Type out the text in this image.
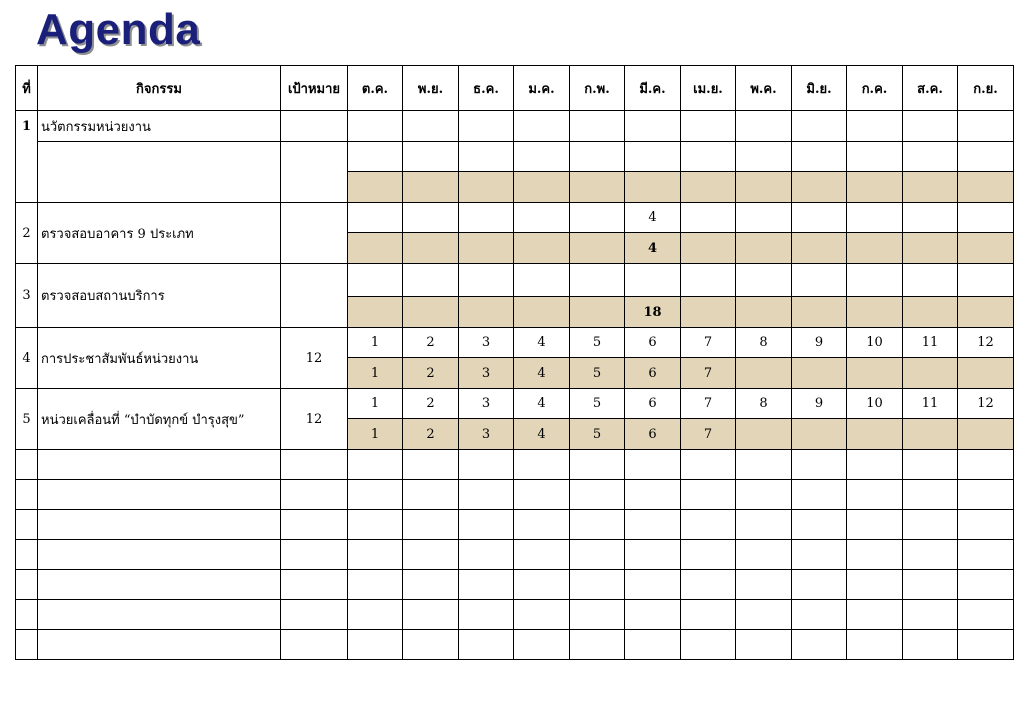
Agenda
ที่	กิจกรรม	เป้าหมาย	ต.ค.	พ.ย.	ธ.ค.	ม.ค.	ก.พ.	มี.ค.	เม.ย.	พ.ค.	มิ.ย.	ก.ค.	ส.ค.	ก.ย.
1	นวัตกรรมหน่วยงาน													

2	ตรวจสอบอาคาร 9 ประเภท							4						
								4						
3	ตรวจสอบสถานบริการ													
								18						
4	การประชาสัมพันธ์หน่วยงาน	12	1	2	3	4	5	6	7	8	9	10	11	12
			1	2	3	4	5	6	7					
5	หน่วยเคลื่อนที่ “บำบัดทุกข์ บำรุงสุข”	12	1	2	3	4	5	6	7	8	9	10	11	12
			1	2	3	4	5	6	7					
